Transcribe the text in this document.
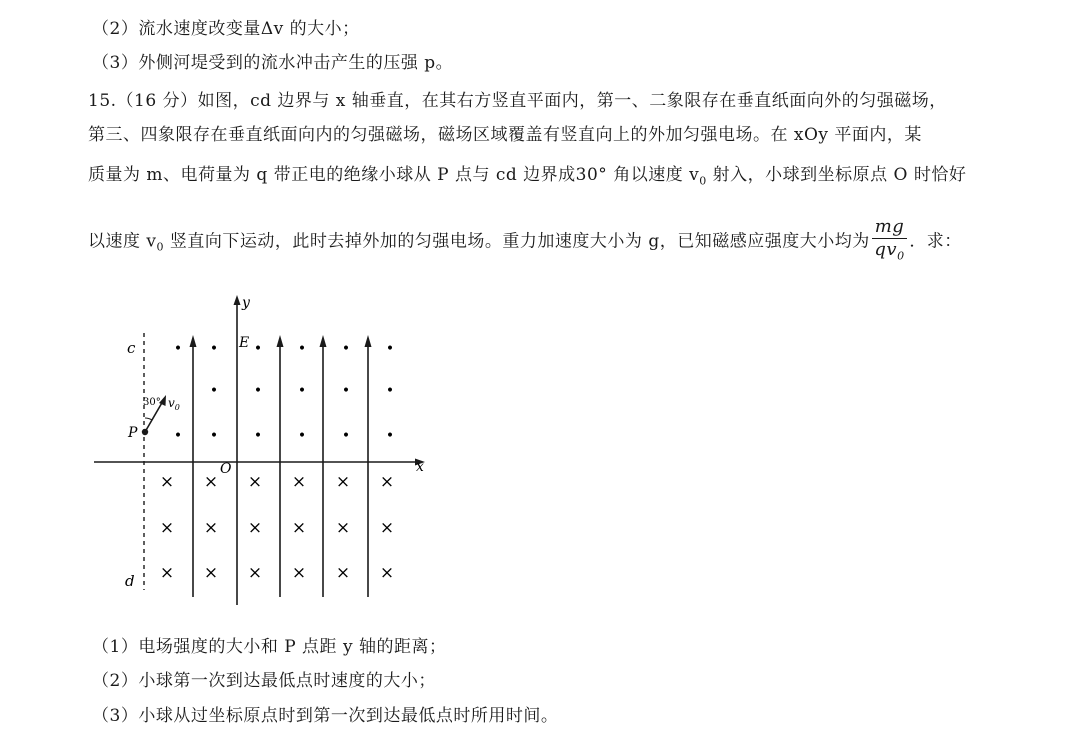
（2）流水速度改变量Δv 的大小；
（3）外侧河堤受到的流水冲击产生的压强 p。
15.（16 分）如图，cd 边界与 x 轴垂直，在其右方竖直平面内，第一、二象限存在垂直纸面向外的匀强磁场，
第三、四象限存在垂直纸面向内的匀强磁场，磁场区域覆盖有竖直向上的外加匀强电场。在 xOy 平面内，某
质量为 m、电荷量为 q 带正电的绝缘小球从 P 点与 cd 边界成30° 角以速度 $v_0$ 射入，小球到坐标原点 O 时恰好
以速度 $v_0$ 竖直向下运动，此时去掉外加的匀强电场。重力加速度大小为 g，已知磁感应强度大小均为 $\frac{mg}{qv_0}$ ．求：
y
x
O
c
d
E
• •	•	•	•	•
•	•	•	•	•
• •	•	•	•	•
× × × × × ×
× × × × × ×
× × × × × ×
P
30° $v_0$
（1）电场强度的大小和 P 点距 y 轴的距离；
（2）小球第一次到达最低点时速度的大小；
（3）小球从过坐标原点时到第一次到达最低点时所用时间。
